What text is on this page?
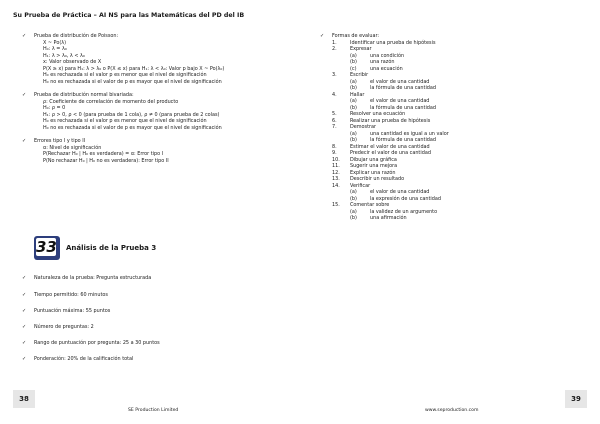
Su Prueba de Práctica – AI NS para las Matemáticas del PD del IB
✓ Prueba de distribución de Poisson:
X ~ Po(λ)
H₀: λ = λ₀
H₁: λ > λ₀, λ < λ₀
x: Valor observado de X
P(X ≥ x) para H₁: λ > λ₀ o P(X ≤ x) para H₁: λ < λ₀: Valor p bajo X ~ Po(λ₀)
H₀ es rechazada si el valor p es menor que el nivel de significación
H₀ no es rechazada si el valor de p es mayor que el nivel de significación
✓ Prueba de distribución normal bivariada:
ρ: Coeficiente de correlación de momento del producto
H₀: ρ = 0
H₁: ρ > 0, ρ < 0 (para prueba de 1 cola), ρ ≠ 0 (para prueba de 2 colas)
H₀ es rechazada si el valor p es menor que el nivel de significación
H₀ no es rechazada si el valor de p es mayor que el nivel de significación
✓ Errores tipo I y tipo II
α: Nivel de significación
P(Rechazar H₀ | H₀ es verdadera) = α: Error tipo I
P(No rechazar H₀ | H₀ no es verdadera): Error tipo II
33 Análisis de la Prueba 3
✓ Naturaleza de la prueba: Pregunta estructurada
✓ Tiempo permitido: 60 minutos
✓ Puntuación máxima: 55 puntos
✓ Número de preguntas: 2
✓ Rango de puntuación por pregunta: 25 a 30 puntos
✓ Ponderación: 20% de la calificación total
✓ Formas de evaluar:
1.	Identificar una prueba de hipótesis
2.	Expresar
(a)	una condición
(b)	una razón
(c)	una ecuación
3.	Escribir
(a)	el valor de una cantidad
(b)	la fórmula de una cantidad
4.	Hallar
(a)	el valor de una cantidad
(b)	la fórmula de una cantidad
5.	Resolver una ecuación
6.	Realizar una prueba de hipótesis
7.	Demostrar
(a)	una cantidad es igual a un valor
(b)	la fórmula de una cantidad
8.	Estimar el valor de una cantidad
9.	Predecir el valor de una cantidad
10. Dibujar una gráfica
11. Sugerir una mejora
12. Explicar una razón
13. Describir un resultado
14. Verificar
(a)	el valor de una cantidad
(b)	la expresión de una cantidad
15. Comentar sobre
(a)	la validez de un argumento
(b)	una afirmación
38	39
SE Production Limited	www.seproduction.com
